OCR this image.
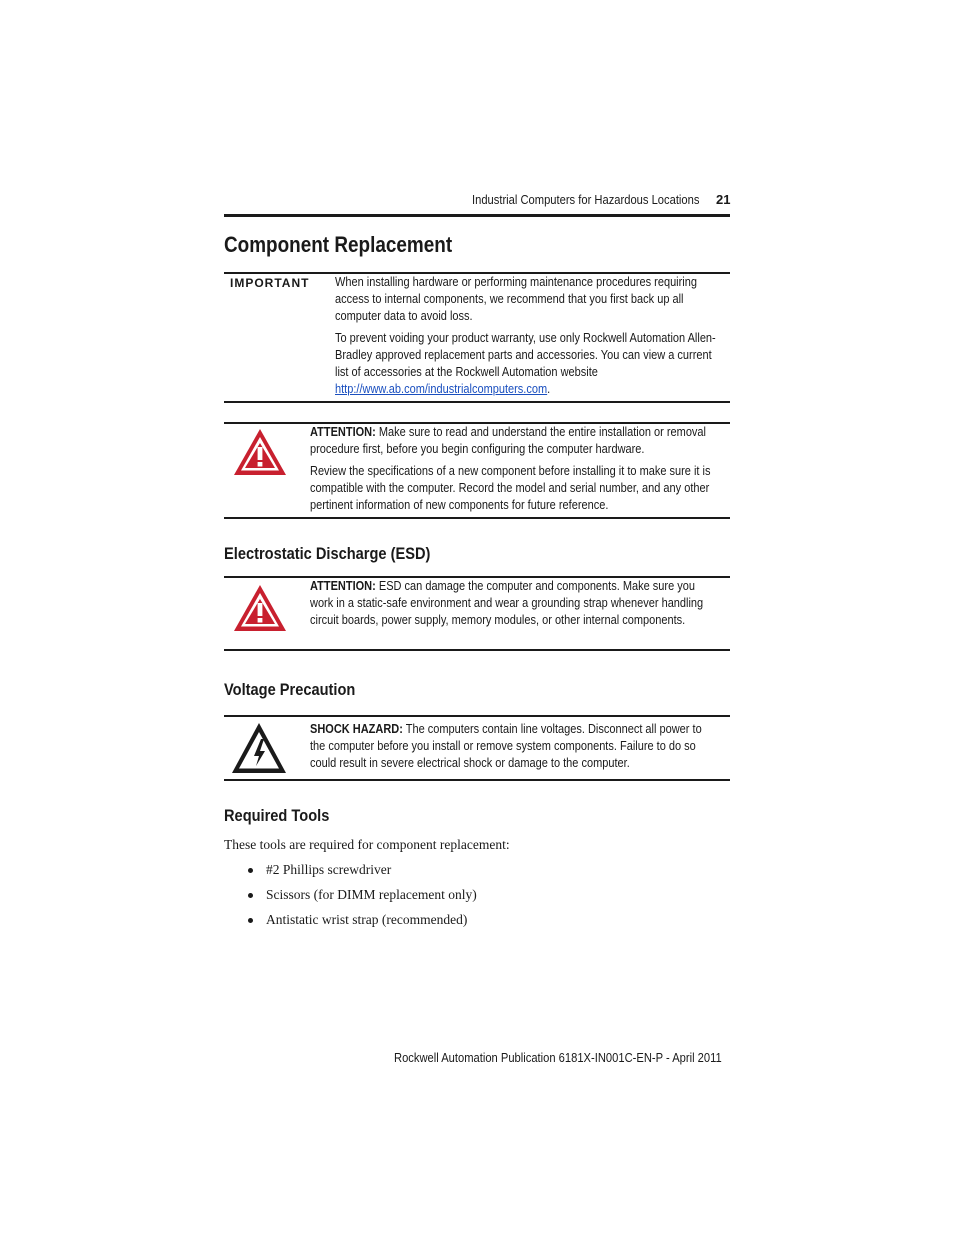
Industrial Computers for Hazardous Locations 21
Component Replacement
IMPORTANT When installing hardware or performing maintenance procedures requiring access to internal components, we recommend that you first back up all computer data to avoid loss.

To prevent voiding your product warranty, use only Rockwell Automation Allen-Bradley approved replacement parts and accessories. You can view a current list of accessories at the Rockwell Automation website
http://www.ab.com/industrialcomputers.com.

ATTENTION: Make sure to read and understand the entire installation or removal procedure first, before you begin configuring the computer hardware.

Review the specifications of a new component before installing it to make sure it is compatible with the computer. Record the model and serial number, and any other pertinent information of new components for future reference.

Electrostatic Discharge (ESD)

ATTENTION: ESD can damage the computer and components. Make sure you work in a static-safe environment and wear a grounding strap whenever handling circuit boards, power supply, memory modules, or other internal components.

Voltage Precaution

SHOCK HAZARD: The computers contain line voltages. Disconnect all power to the computer before you install or remove system components. Failure to do so could result in severe electrical shock or damage to the computer.

Required Tools
These tools are required for component replacement:
#2 Phillips screwdriver
Scissors (for DIMM replacement only)
Antistatic wrist strap (recommended)
Rockwell Automation Publication 6181X-IN001C-EN-P - April 2011
